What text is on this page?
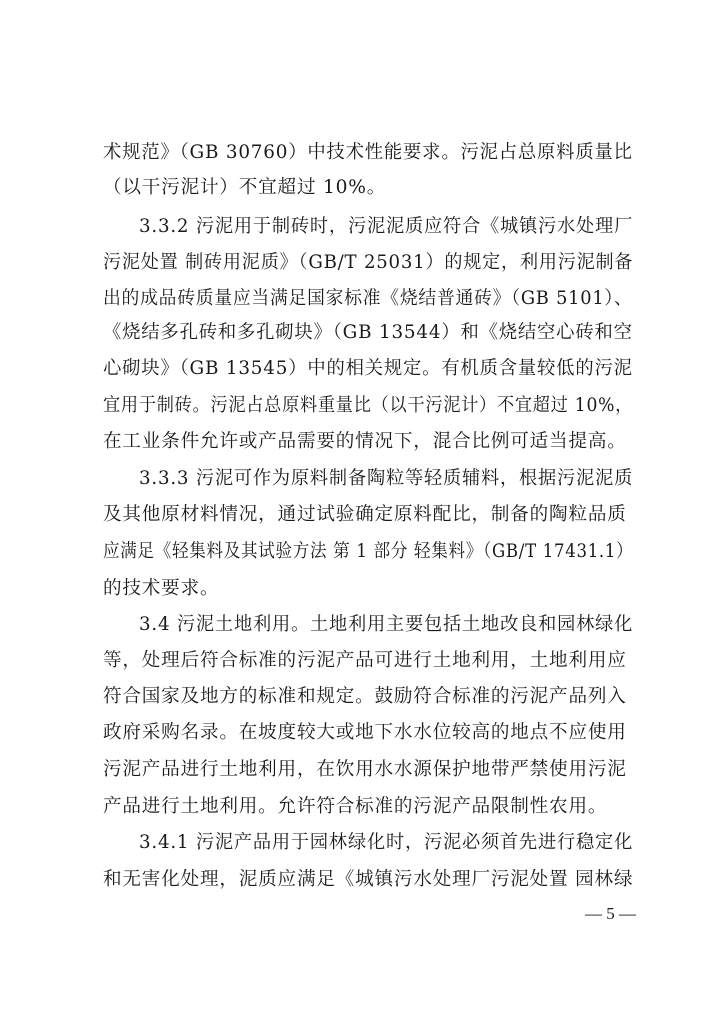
术规范》（GB 30760）中技术性能要求。污泥占总原料质量比
（以干污泥计）不宜超过 10%。
3.3.2 污泥用于制砖时，污泥泥质应符合《城镇污水处理厂
污泥处置 制砖用泥质》（GB/T 25031）的规定，利用污泥制备
出的成品砖质量应当满足国家标准《烧结普通砖》（GB 5101）、
《烧结多孔砖和多孔砌块》（GB 13544）和《烧结空心砖和空
心砌块》（GB 13545）中的相关规定。有机质含量较低的污泥
宜用于制砖。污泥占总原料重量比（以干污泥计）不宜超过 10%，
在工业条件允许或产品需要的情况下，混合比例可适当提高。
3.3.3 污泥可作为原料制备陶粒等轻质辅料，根据污泥泥质
及其他原材料情况，通过试验确定原料配比，制备的陶粒品质
应满足《轻集料及其试验方法 第 1 部分 轻集料》（GB/T 17431.1）
的技术要求。
3.4 污泥土地利用。土地利用主要包括土地改良和园林绿化
等，处理后符合标准的污泥产品可进行土地利用，土地利用应
符合国家及地方的标准和规定。鼓励符合标准的污泥产品列入
政府采购名录。在坡度较大或地下水水位较高的地点不应使用
污泥产品进行土地利用，在饮用水水源保护地带严禁使用污泥
产品进行土地利用。允许符合标准的污泥产品限制性农用。
3.4.1 污泥产品用于园林绿化时，污泥必须首先进行稳定化
和无害化处理，泥质应满足《城镇污水处理厂污泥处置 园林绿
— 5 —
